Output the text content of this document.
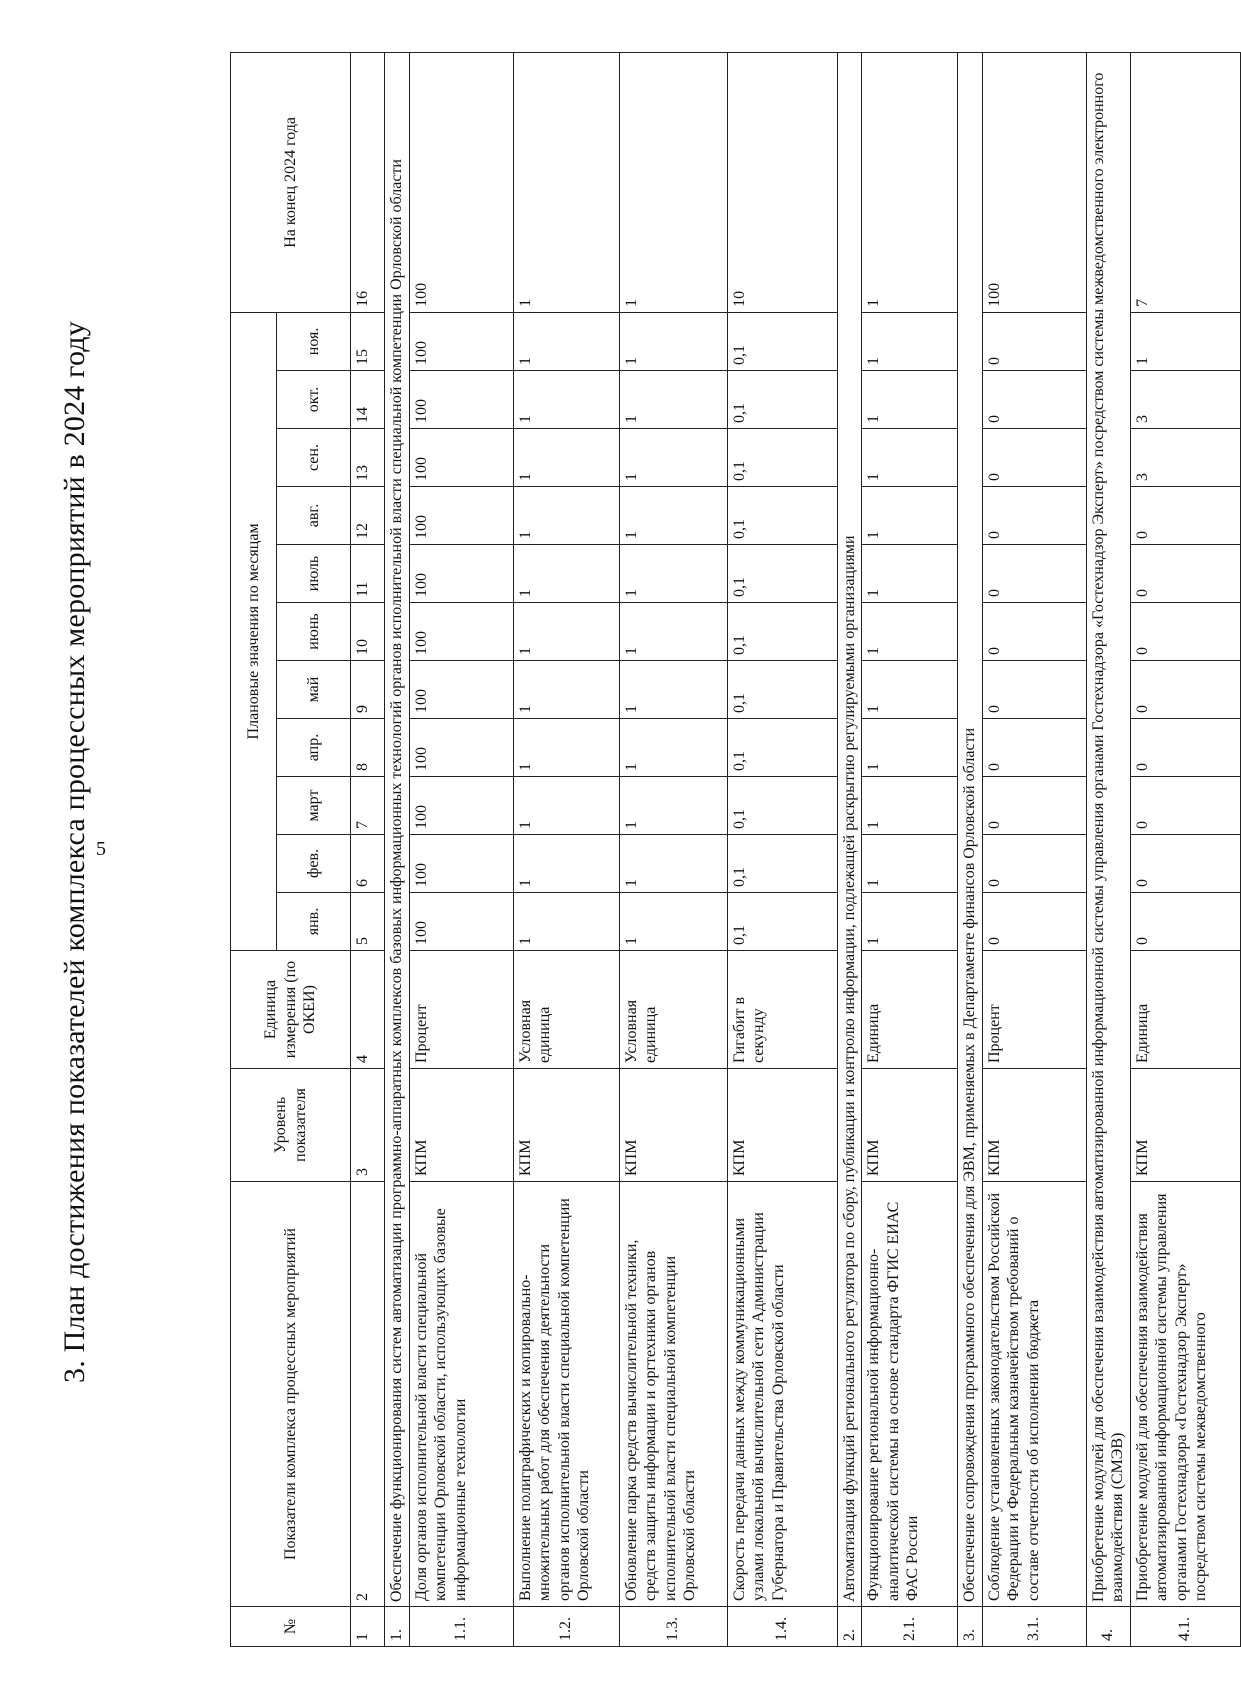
5
3. План достижения показателей комплекса процессных мероприятий в 2024 году
№	Показатели комплекса процессных мероприятий	Уровень показателя	Единица измерения (по ОКЕИ)	Плановые значения по месяцам											На конец 2024 года
				янв.	фев.	март	апр.	май	июнь	июль	авг.	сен.	окт.	ноя.	
1	2	3	4	5	6	7	8	9	10	11	12	13	14	15	16
1.	Обеспечение функционирования систем автоматизации программно-аппаратных комплексов базовых информационных технологий органов исполнительной власти специальной компетенции Орловской области														
1.1.	Доля органов исполнительной власти специальной компетенции Орловской области, использующих базовые информационные технологии	КПМ	Процент	100	100	100	100	100	100	100	100	100	100	100	100
1.2.	Выполнение полиграфических и копировально-множительных работ для обеспечения деятельности органов исполнительной власти специальной компетенции Орловской области	КПМ	Условная единица	1	1	1	1	1	1	1	1	1	1	1	1
1.3.	Обновление парка средств вычислительной техники, средств защиты информации и оргтехники органов исполнительной власти специальной компетенции Орловской области	КПМ	Условная единица	1	1	1	1	1	1	1	1	1	1	1	1
1.4.	Скорость передачи данных между коммуникационными узлами локальной вычислительной сети Администрации Губернатора и Правительства Орловской области	КПМ	Гигабит в секунду	0,1	0,1	0,1	0,1	0,1	0,1	0,1	0,1	0,1	0,1	0,1	10
2.	Автоматизация функций регионального регулятора по сбору, публикации и контролю информации, подлежащей раскрытию регулируемыми организациями														
2.1.	Функционирование региональной информационно-аналитической системы на основе стандарта ФГИС ЕИАС ФАС России	КПМ	Единица	1	1	1	1	1	1	1	1	1	1	1	1
3.	Обеспечение сопровождения программного обеспечения для ЭВМ, применяемых в Департаменте финансов Орловской области														
3.1.	Соблюдение установленных законодательством Российской Федерации и Федеральным казначейством требований о составе отчетности об исполнении бюджета	КПМ	Процент	0	0	0	0	0	0	0	0	0	0	0	100
4.	Приобретение модулей для обеспечения взаимодействия автоматизированной информационной системы управления органами Гостехнадзора «Гостехнадзор Эксперт» посредством системы межведомственного электронного взаимодействия (СМЭВ)														
4.1.	Приобретение модулей для обеспечения взаимодействия автоматизированной информационной системы управления органами Гостехнадзора «Гостехнадзор Эксперт» посредством системы межведомственного	КПМ	Единица	0	0	0	0	0	0	0	0	3	3	1	7
